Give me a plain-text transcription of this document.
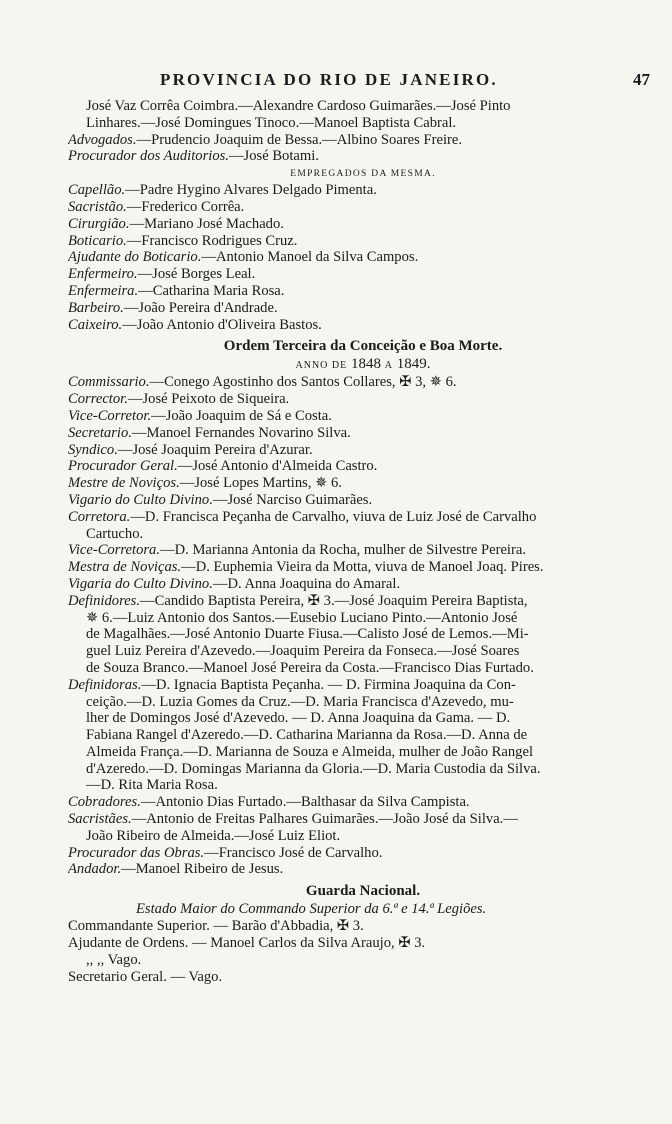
PROVINCIA DO RIO DE JANEIRO.	47
José Vaz Corrêa Coimbra.—Alexandre Cardoso Guimarães.—José Pinto
Linhares.—José Domingues Tinoco.—Manoel Baptista Cabral.
Advogados.—Prudencio Joaquim de Bessa.—Albino Soares Freire.
Procurador dos Auditorios.—José Botami.
EMPREGADOS DA MESMA.
Capellão.—Padre Hygino Alvares Delgado Pimenta.
Sacristão.—Frederico Corrêa.
Cirurgião.—Mariano José Machado.
Boticario.—Francisco Rodrigues Cruz.
Ajudante do Boticario.—Antonio Manoel da Silva Campos.
Enfermeiro.—José Borges Leal.
Enfermeira.—Catharina Maria Rosa.
Barbeiro.—João Pereira d'Andrade.
Caixeiro.—João Antonio d'Oliveira Bastos.
Ordem Terceira da Conceição e Boa Morte.
ANNO DE 1848 A 1849.
Commissario.—Conego Agostinho dos Santos Collares, ✠ 3, ✵ 6.
Corrector.—José Peixoto de Siqueira.
Vice-Corretor.—João Joaquim de Sá e Costa.
Secretario.—Manoel Fernandes Novarino Silva.
Syndico.—José Joaquim Pereira d'Azurar.
Procurador Geral.—José Antonio d'Almeida Castro.
Mestre de Noviços.—José Lopes Martins, ✵ 6.
Vigario do Culto Divino.—José Narciso Guimarães.
Corretora.—D. Francisca Peçanha de Carvalho, viuva de Luiz José de Carvalho
Cartucho.
Vice-Corretora.—D. Marianna Antonia da Rocha, mulher de Silvestre Pereira.
Mestra de Noviças.—D. Euphemia Vieira da Motta, viuva de Manoel Joaq. Pires.
Vigaria do Culto Divino.—D. Anna Joaquina do Amaral.
Definidores.—Candido Baptista Pereira, ✠ 3.—José Joaquim Pereira Baptista,
✵ 6.—Luiz Antonio dos Santos.—Eusebio Luciano Pinto.—Antonio José
de Magalhães.—José Antonio Duarte Fiusa.—Calisto José de Lemos.—Mi-
guel Luiz Pereira d'Azevedo.—Joaquim Pereira da Fonseca.—José Soares
de Souza Branco.—Manoel José Pereira da Costa.—Francisco Dias Furtado.
Definidoras.—D. Ignacia Baptista Peçanha. — D. Firmina Joaquina da Con-
ceição.—D. Luzia Gomes da Cruz.—D. Maria Francisca d'Azevedo, mu-
lher de Domingos José d'Azevedo. — D. Anna Joaquina da Gama. — D.
Fabiana Rangel d'Azeredo.—D. Catharina Marianna da Rosa.—D. Anna de
Almeida França.—D. Marianna de Souza e Almeida, mulher de João Rangel
d'Azeredo.—D. Domingas Marianna da Gloria.—D. Maria Custodia da Silva.
—D. Rita Maria Rosa.
Cobradores.—Antonio Dias Furtado.—Balthasar da Silva Campista.
Sacristães.—Antonio de Freitas Palhares Guimarães.—João José da Silva.—
João Ribeiro de Almeida.—José Luiz Eliot.
Procurador das Obras.—Francisco José de Carvalho.
Andador.—Manoel Ribeiro de Jesus.
Guarda Nacional.
Estado Maior do Commando Superior da 6.ª e 14.ª Legiões.
Commandante Superior. — Barão d'Abbadia, ✠ 3.
Ajudante de Ordens. — Manoel Carlos da Silva Araujo, ✠ 3.
,, ,, Vago.
Secretario Geral. — Vago.
